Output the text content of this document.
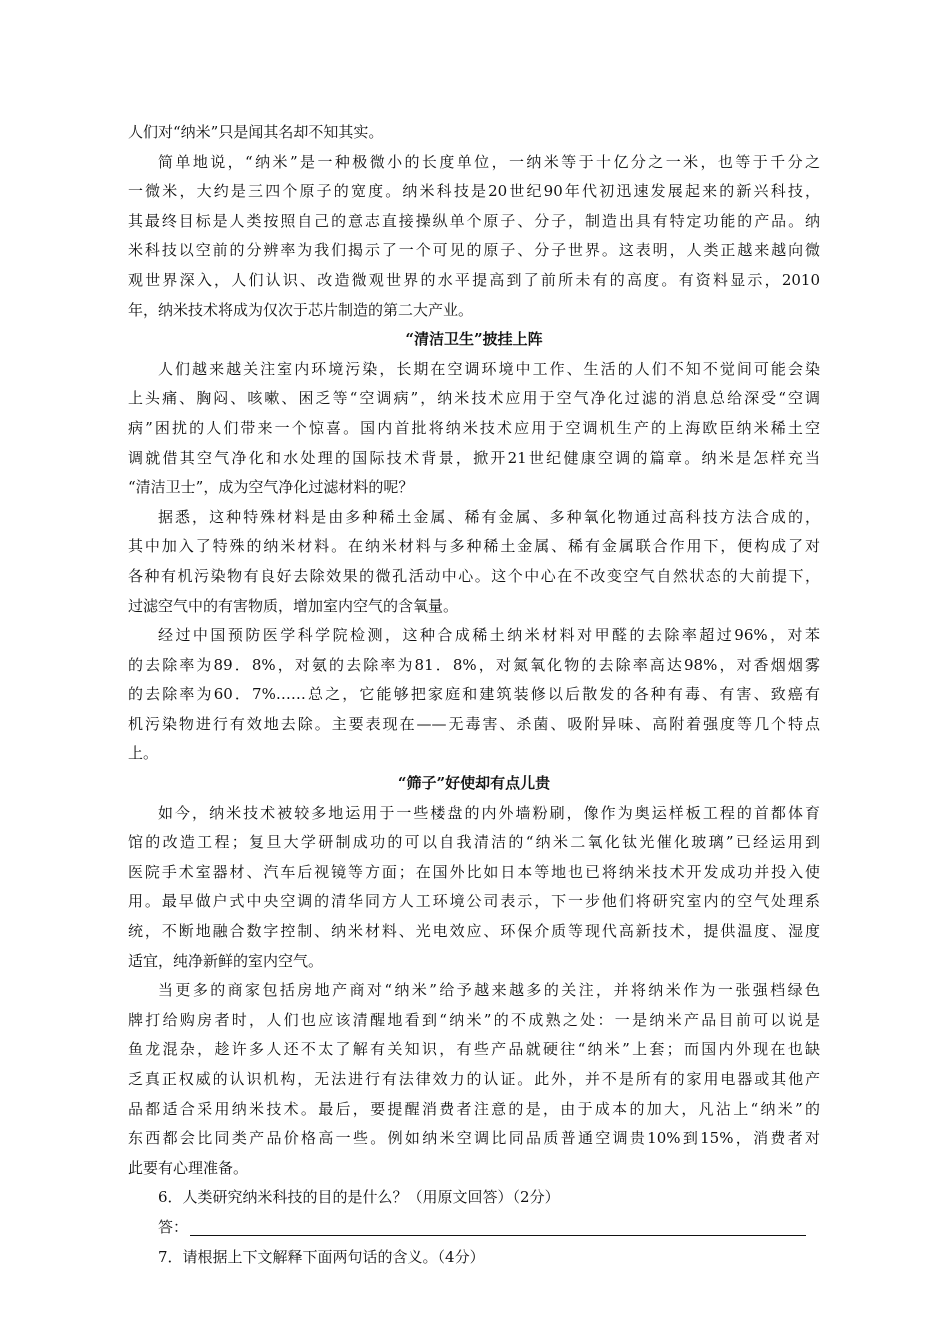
人们对“纳米”只是闻其名却不知其实。
简单地说，“纳米”是一种极微小的长度单位，一纳米等于十亿分之一米，也等于千分之
一微米，大约是三四个原子的宽度。纳米科技是20世纪90年代初迅速发展起来的新兴科技，
其最终目标是人类按照自己的意志直接操纵单个原子、分子，制造出具有特定功能的产品。纳
米科技以空前的分辨率为我们揭示了一个可见的原子、分子世界。这表明，人类正越来越向微
观世界深入，人们认识、改造微观世界的水平提高到了前所未有的高度。有资料显示，2010
年，纳米技术将成为仅次于芯片制造的第二大产业。
“清洁卫生”披挂上阵
人们越来越关注室内环境污染，长期在空调环境中工作、生活的人们不知不觉间可能会染
上头痛、胸闷、咳嗽、困乏等“空调病”，纳米技术应用于空气净化过滤的消息总给深受“空调
病”困扰的人们带来一个惊喜。国内首批将纳米技术应用于空调机生产的上海欧臣纳米稀土空
调就借其空气净化和水处理的国际技术背景，掀开21世纪健康空调的篇章。纳米是怎样充当
“清洁卫士”，成为空气净化过滤材料的呢？
据悉，这种特殊材料是由多种稀土金属、稀有金属、多种氧化物通过高科技方法合成的，
其中加入了特殊的纳米材料。在纳米材料与多种稀土金属、稀有金属联合作用下，便构成了对
各种有机污染物有良好去除效果的微孔活动中心。这个中心在不改变空气自然状态的大前提下，
过滤空气中的有害物质，增加室内空气的含氧量。
经过中国预防医学科学院检测，这种合成稀土纳米材料对甲醛的去除率超过96%，对苯
的去除率为89．8%，对氨的去除率为81．8%，对氮氧化物的去除率高达98%，对香烟烟雾
的去除率为60．7%……总之，它能够把家庭和建筑装修以后散发的各种有毒、有害、致癌有
机污染物进行有效地去除。主要表现在——无毒害、杀菌、吸附异味、高附着强度等几个特点
上。
“筛子”好使却有点儿贵
如今，纳米技术被较多地运用于一些楼盘的内外墙粉刷，像作为奥运样板工程的首都体育
馆的改造工程；复旦大学研制成功的可以自我清洁的“纳米二氧化钛光催化玻璃”已经运用到
医院手术室器材、汽车后视镜等方面；在国外比如日本等地也已将纳米技术开发成功并投入使
用。最早做户式中央空调的清华同方人工环境公司表示，下一步他们将研究室内的空气处理系
统，不断地融合数字控制、纳米材料、光电效应、环保介质等现代高新技术，提供温度、湿度
适宜，纯净新鲜的室内空气。
当更多的商家包括房地产商对“纳米”给予越来越多的关注，并将纳米作为一张强档绿色
牌打给购房者时，人们也应该清醒地看到“纳米”的不成熟之处：一是纳米产品目前可以说是
鱼龙混杂，趁许多人还不太了解有关知识，有些产品就硬往“纳米”上套；而国内外现在也缺
乏真正权威的认识机构，无法进行有法律效力的认证。此外，并不是所有的家用电器或其他产
品都适合采用纳米技术。最后，要提醒消费者注意的是，由于成本的加大，凡沾上“纳米”的
东西都会比同类产品价格高一些。例如纳米空调比同品质普通空调贵10%到15%，消费者对
此要有心理准备。
6．人类研究纳米科技的目的是什么？（用原文回答）（2分）
答：
7．请根据上下文解释下面两句话的含义。（4分）
